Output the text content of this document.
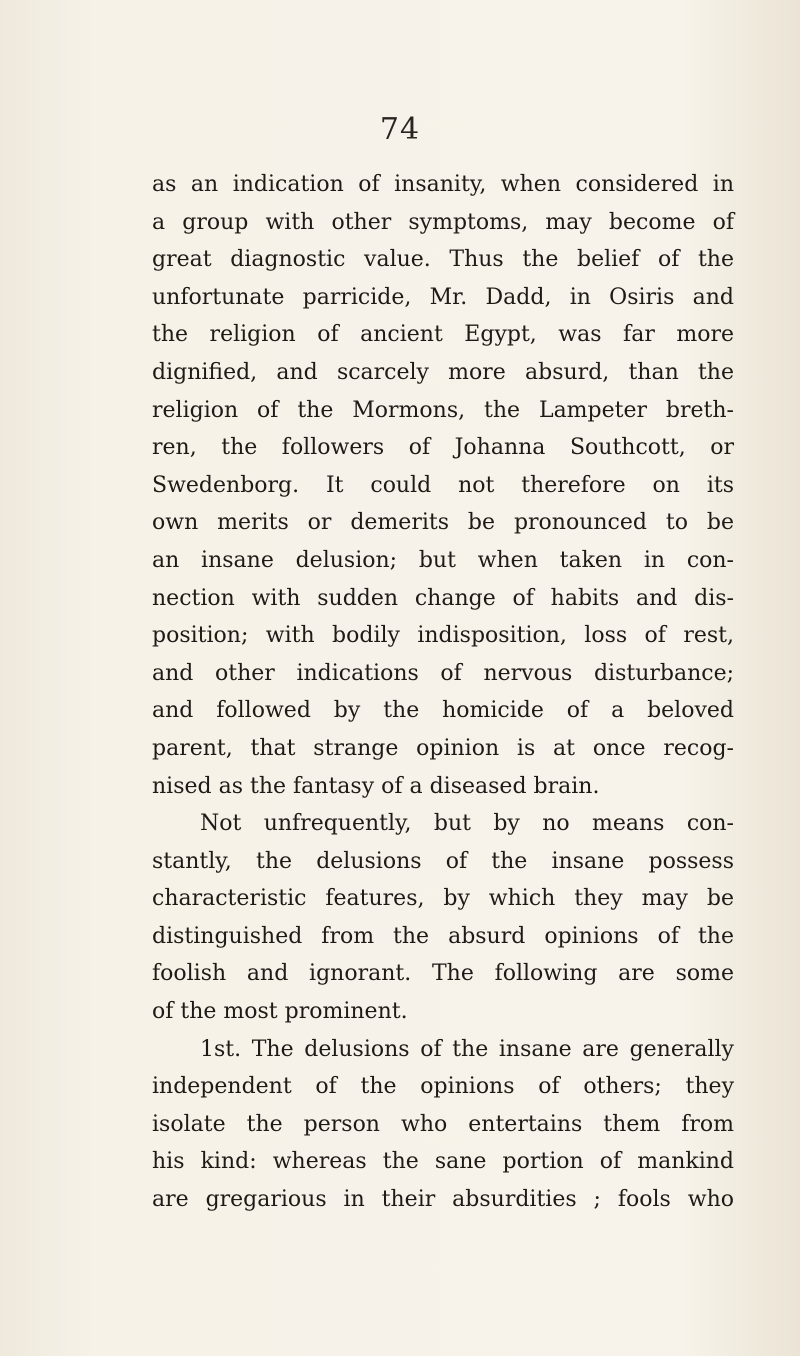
74
as an indication of insanity, when considered in
a group with other symptoms, may become of
great diagnostic value. Thus the belief of the
unfortunate parricide, Mr. Dadd, in Osiris and
the religion of ancient Egypt, was far more
dignified, and scarcely more absurd, than the
religion of the Mormons, the Lampeter breth-
ren, the followers of Johanna Southcott, or
Swedenborg. It could not therefore on its
own merits or demerits be pronounced to be
an insane delusion; but when taken in con-
nection with sudden change of habits and dis-
position; with bodily indisposition, loss of rest,
and other indications of nervous disturbance;
and followed by the homicide of a beloved
parent, that strange opinion is at once recog-
nised as the fantasy of a diseased brain.
Not unfrequently, but by no means con-
stantly, the delusions of the insane possess
characteristic features, by which they may be
distinguished from the absurd opinions of the
foolish and ignorant. The following are some
of the most prominent.
1st. The delusions of the insane are generally
independent of the opinions of others; they
isolate the person who entertains them from
his kind: whereas the sane portion of mankind
are gregarious in their absurdities ; fools who
